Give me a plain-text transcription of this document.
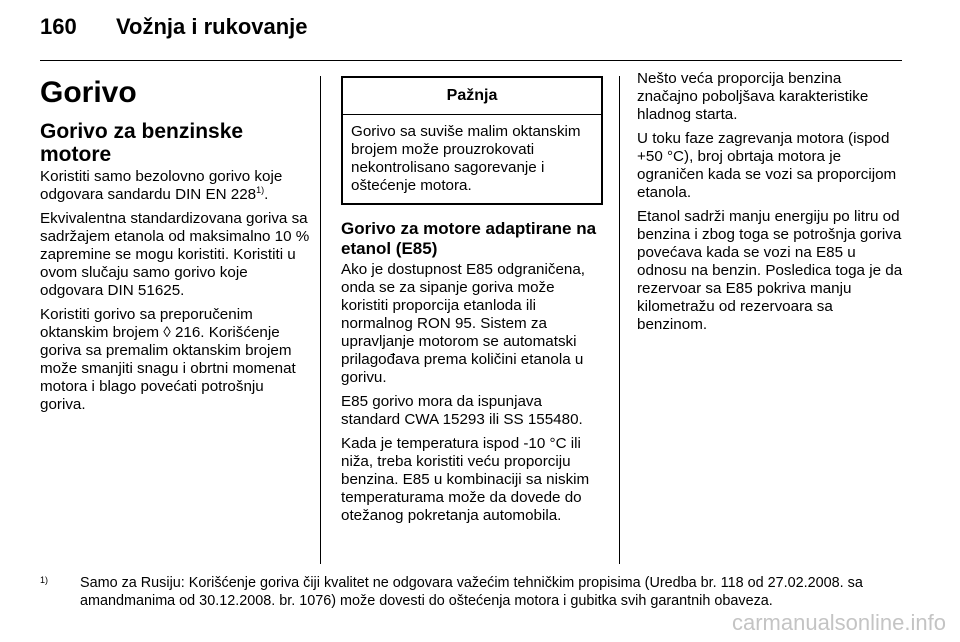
160 Vožnja i rukovanje
Gorivo
Gorivo za benzinske motore

Koristiti samo bezolovno gorivo koje odgovara sandardu DIN EN 228$^{1)}$.

Ekvivalentna standardizovana goriva sa sadržajem etanola od maksimalno 10 % zapremine se mogu koristiti. Koristiti u ovom slučaju samo gorivo koje odgovara DIN 51625.

Koristiti gorivo sa preporučenim oktanskim brojem ◊ 216. Korišćenje goriva sa premalim oktanskim brojem može smanjiti snagu i obrtni momenat motora i blago povećati potrošnju goriva.

Pažnja
Gorivo sa suviše malim oktanskim brojem može prouzrokovati nekontrolisano sagorevanje i oštećenje motora.
Gorivo za motore adaptirane na etanol (E85)

Ako je dostupnost E85 odgraničena, onda se za sipanje goriva može koristiti proporcija etanloda ili normalnog RON 95. Sistem za upravljanje motorom se automatski prilagođava prema količini etanola u gorivu.

E85 gorivo mora da ispunjava standard CWA 15293 ili SS 155480.

Kada je temperatura ispod -10 °C ili niža, treba koristiti veću proporciju benzina. E85 u kombinaciji sa niskim temperaturama može da dovede do otežanog pokretanja automobila.

Nešto veća proporcija benzina značajno poboljšava karakteristike hladnog starta.

U toku faze zagrevanja motora (ispod +50 °C), broj obrtaja motora je ograničen kada se vozi sa proporcijom etanola.

Etanol sadrži manju energiju po litru od benzina i zbog toga se potrošnja goriva povećava kada se vozi na E85 u odnosu na benzin. Posledica toga je da rezervoar sa E85 pokriva manju kilometražu od rezervoara sa benzinom.

1) Samo za Rusiju: Korišćenje goriva čiji kvalitet ne odgovara važećim tehničkim propisima (Uredba br. 118 od 27.02.2008. sa amandmanima od 30.12.2008. br. 1076) može dovesti do oštećenja motora i gubitka svih garantnih obaveza.
carmanualsonline.info
